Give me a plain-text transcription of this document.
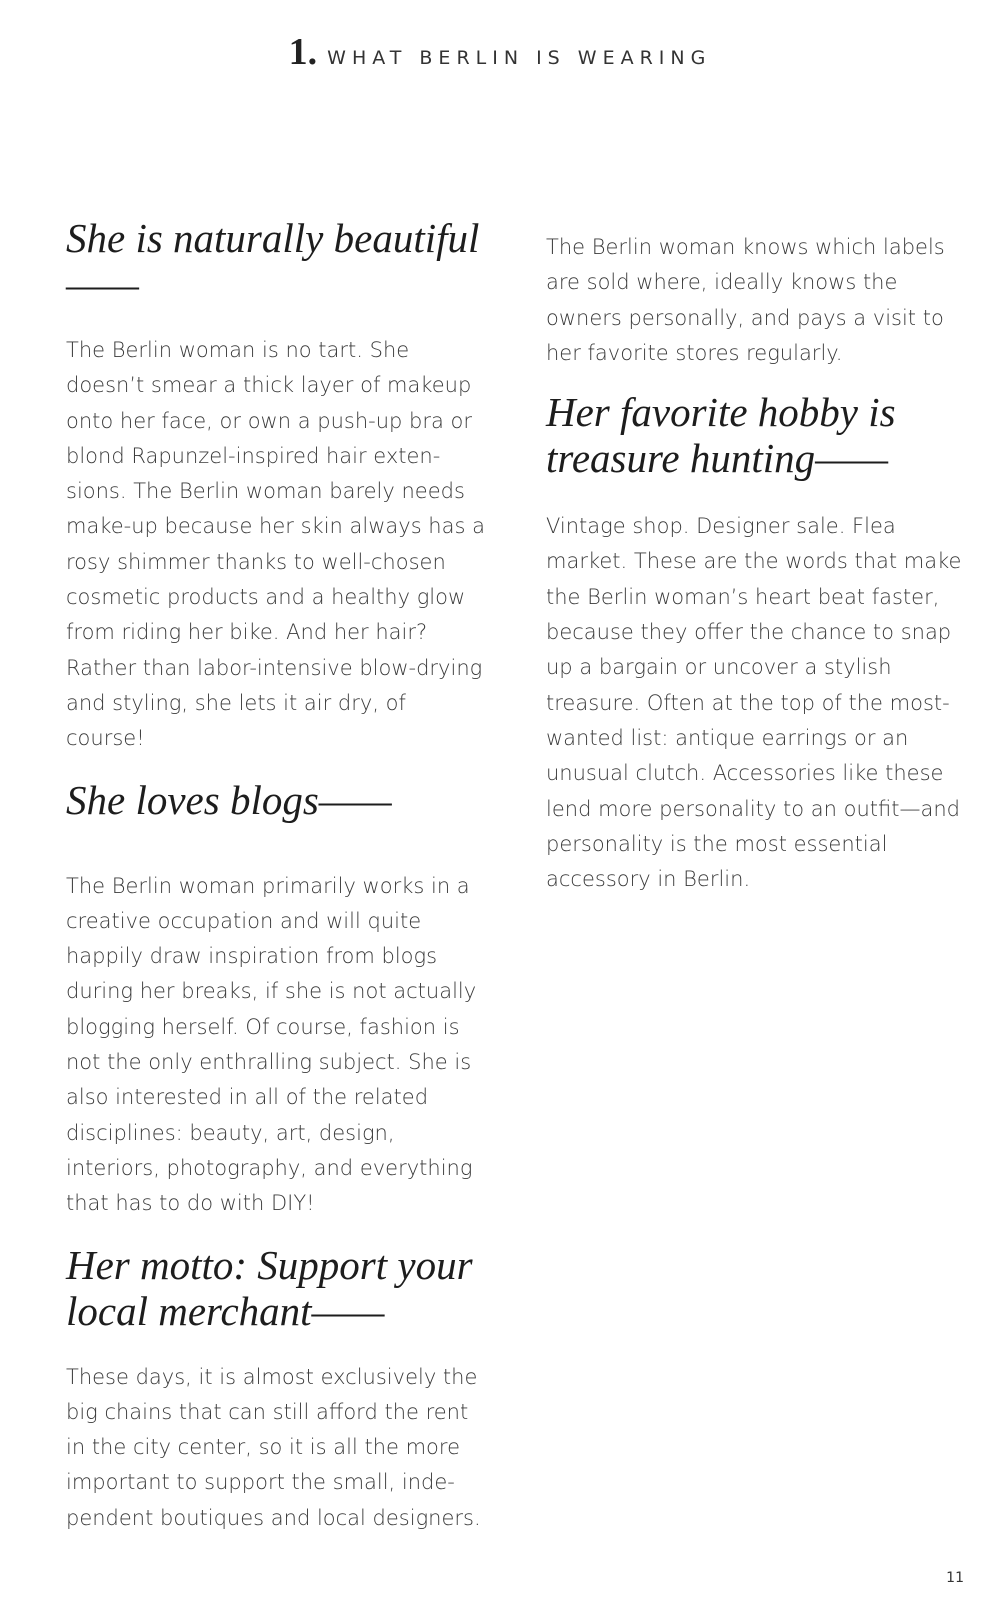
1. WHAT BERLIN IS WEARING
She is naturally beautiful——

The Berlin woman is no tart. She doesn’t smear a thick layer of makeup onto her face, or own a push-up bra or blond Rapunzel-inspired hair exten-sions. The Berlin woman barely needs make-up because her skin always has a rosy shimmer thanks to well-chosen cosmetic products and a healthy glow from riding her bike. And her hair? Rather than labor-intensive blow-drying and styling, she lets it air dry, of course!

She loves blogs——

The Berlin woman primarily works in a creative occupation and will quite happily draw inspiration from blogs during her breaks, if she is not actually blogging herself. Of course, fashion is not the only enthralling subject. She is also interested in all of the related disciplines: beauty, art, design, interiors, photography, and everything that has to do with DIY!

Her motto: Support your local merchant——

These days, it is almost exclusively the big chains that can still afford the rent in the city center, so it is all the more important to support the small, inde-pendent boutiques and local designers.

The Berlin woman knows which labels are sold where, ideally knows the owners personally, and pays a visit to her favorite stores regularly.

Her favorite hobby is treasure hunting——

Vintage shop. Designer sale. Flea market. These are the words that make the Berlin woman’s heart beat faster, because they offer the chance to snap up a bargain or uncover a stylish treasure. Often at the top of the most-wanted list: antique earrings or an unusual clutch. Accessories like these lend more personality to an outfit—and personality is the most essential accessory in Berlin.

11
